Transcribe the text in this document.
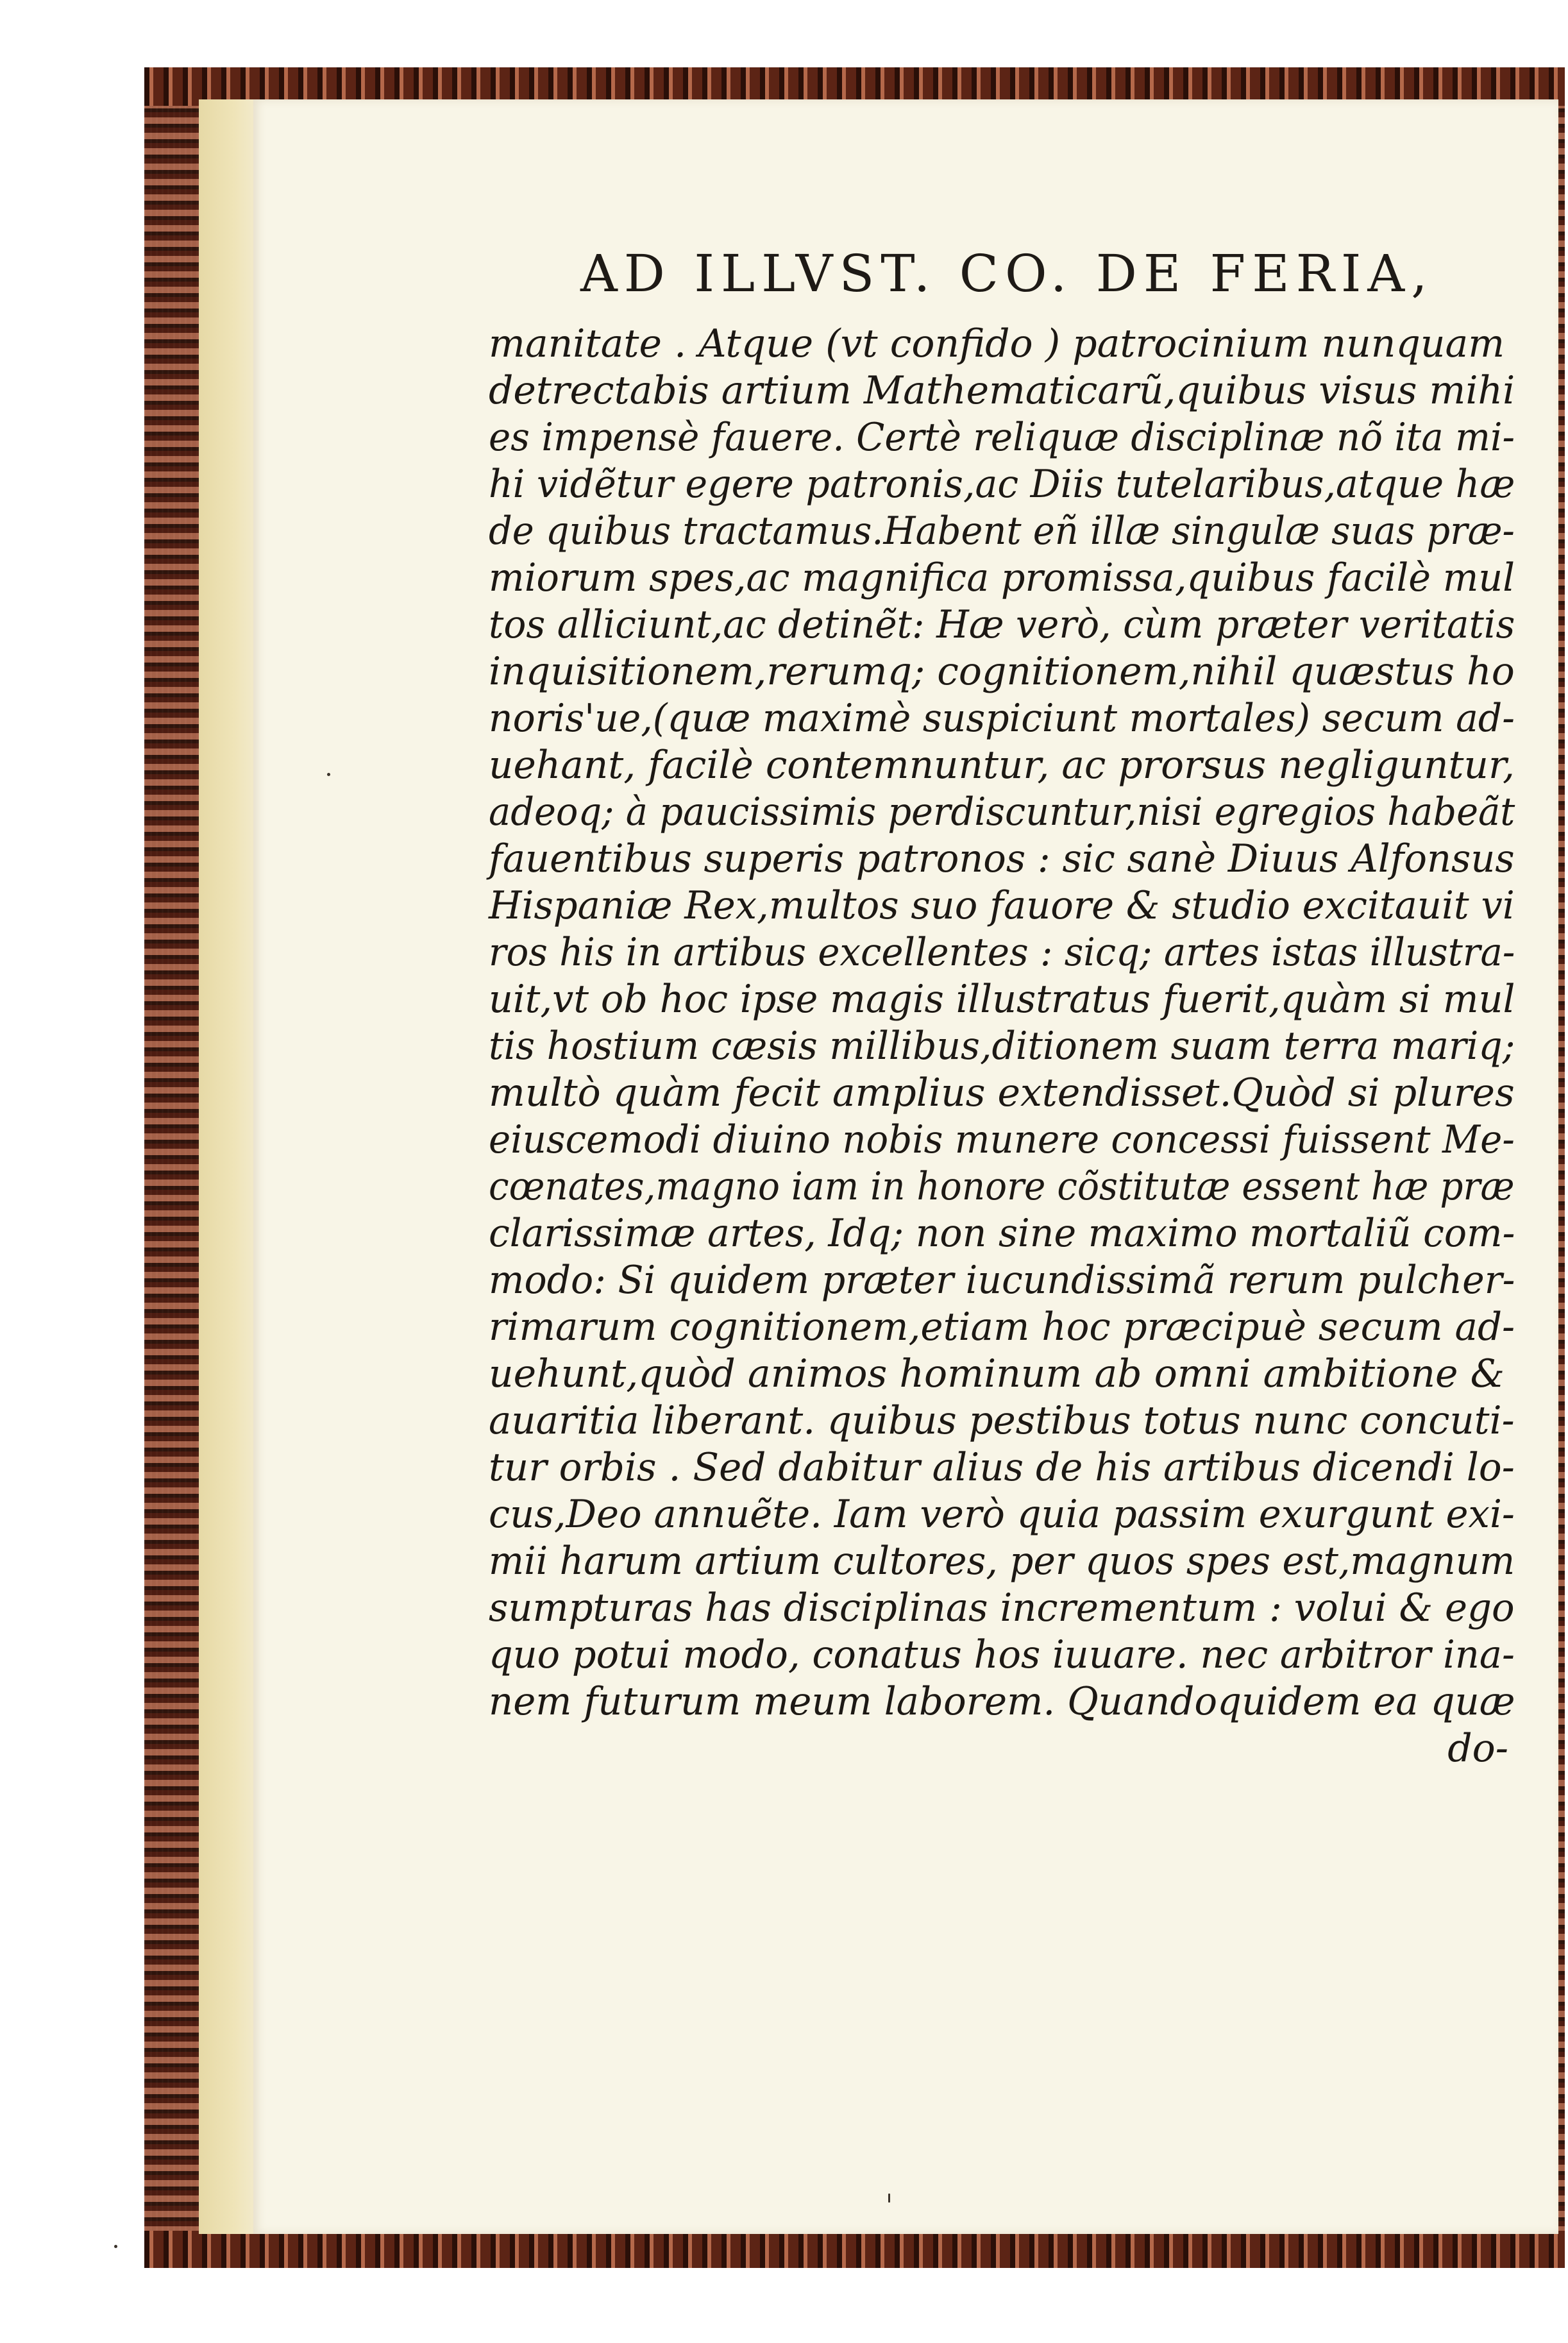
AD ILLVST. CO. DE FERIA,
manitate . Atque (vt confido ) patrocinium nunquam
detrectabis artium Mathematicarũ,quibus visus mihi
es impensè fauere. Certè reliquæ disciplinæ nõ ita mi-
hi vidẽtur egere patronis,ac Diis tutelaribus,atque hæ
de quibus tractamus.Habent eñ illæ singulæ suas præ-
miorum spes,ac magnifica promissa,quibus facilè mul
tos alliciunt,ac detinẽt: Hæ verò, cùm præter veritatis
inquisitionem,rerumq; cognitionem,nihil quæstus ho
noris'ue,(quæ maximè suspiciunt mortales) secum ad-
uehant, facilè contemnuntur, ac prorsus negliguntur,
adeoq; à paucissimis perdiscuntur,nisi egregios habeãt
fauentibus superis patronos : sic sanè Diuus Alfonsus
Hispaniæ Rex,multos suo fauore & studio excitauit vi
ros his in artibus excellentes : sicq; artes istas illustra-
uit,vt ob hoc ipse magis illustratus fuerit,quàm si mul
tis hostium cæsis millibus,ditionem suam terra mariq;
multò quàm fecit amplius extendisset.Quòd si plures
eiuscemodi diuino nobis munere concessi fuissent Me-
cœnates,magno iam in honore cõstitutæ essent hæ præ
clarissimæ artes, Idq; non sine maximo mortaliũ com-
modo: Si quidem præter iucundissimã rerum pulcher-
rimarum cognitionem,etiam hoc præcipuè secum ad-
uehunt,quòd animos hominum ab omni ambitione &
auaritia liberant. quibus pestibus totus nunc concuti-
tur orbis . Sed dabitur alius de his artibus dicendi lo-
cus,Deo annuẽte. Iam verò quia passim exurgunt exi-
mii harum artium cultores, per quos spes est,magnum
sumpturas has disciplinas incrementum : volui & ego
quo potui modo, conatus hos iuuare. nec arbitror ina-
nem futurum meum laborem. Quandoquidem ea quæ
do-
